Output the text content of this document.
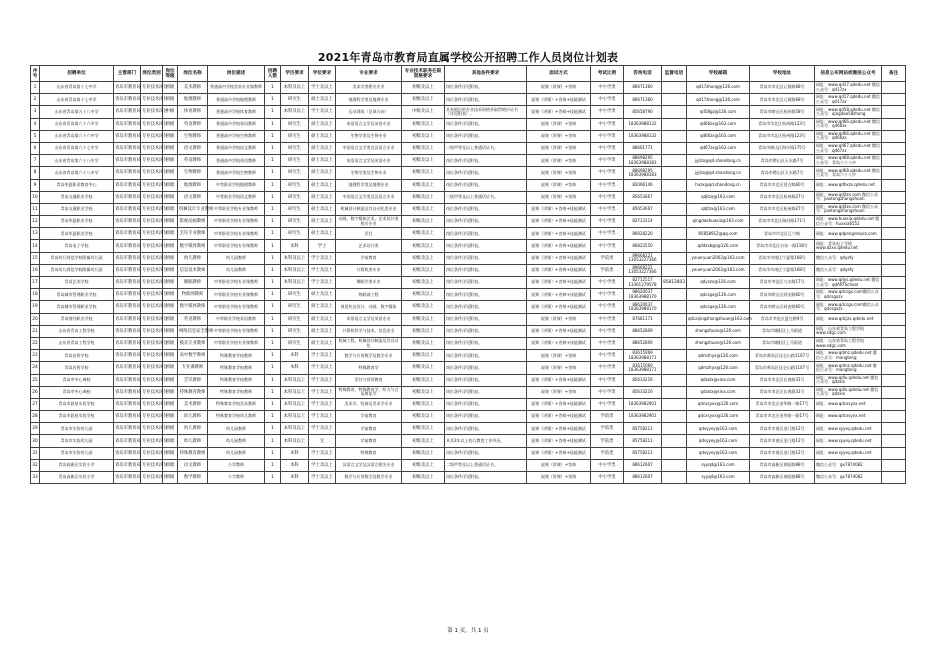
2021年青岛市教育局直属学校公开招聘工作人员岗位计划表
序号	招聘单位	主管部门	岗位类别	岗位等级	岗位名称	岗位描述	招聘人数	学历要求	学位要求	专业要求	专业技术职务任职资格要求	其他条件要求	面试方式	考试比例	咨询电话	监督电话	学校邮箱	学校地址	信息公布网站或微信公众号	备注
1	山东省青岛第十七中学	青岛市教育局	专业技术岗位	初级	美术教师	普通高中学校美术专业课教师	1	本科及以上	学士及以上	美术学类相关专业	初级及以上	岗位条件详见附表。	说课（讲课）+答辩	中小学类	86671360		qd17zhong@126.com	青岛市市北区辽源路68号	网址：www.qd17.qdedu.net 微信公众号：qd17zx	
2	山东省青岛第十七中学	青岛市教育局	专业技术岗位	初级	地理教师	普通高中学校地理教师	1	研究生	硕士及以上	地理科学类及地理专业	初级及以上	岗位条件详见附表。	说课（讲课）+答辩+技能测试	中小学类	86671360		qd17zhong@126.com	青岛市市北区辽源路68号	网址：www.qd17.qdedu.net 微信公众号：qd17zx	
3	山东省青岛第五十八中学	青岛市教育局	专业技术岗位	中级	体育教师	普通高中学校体育教师	1	本科及以上	学士及以上	运动训练（足球方向）	中级及以上	具有相应的专业技术资格并取得相应证书（详见附表）。	说课（讲课）+答辩+技能测试	中小学类	85658790		qd58gz@126.com	青岛市崂山区松岭路58号	网址：www.qd58.qdedu.net 微信公众号：qingdao58zhong	
4	山东省青岛第六十六中学	青岛市教育局	专业技术岗位	初级	英语教师	普通高中学校英语教师	1	研究生	硕士及以上	英语语言文学及英语专业	初级及以上	岗位条件详见附表。	说课（讲课）+答辩	中小学类	18363988132		qd66zx@163.com	青岛市市北区杭州路123号	网址：www.qd66.qdedu.net 微信公众号：qd66zx	
5	山东省青岛第六十六中学	青岛市教育局	专业技术岗位	初级	生物教师	普通高中学校生物教师	1	研究生	硕士及以上	生物学类及生物专业	初级及以上	岗位条件详见附表。	说课（讲课）+答辩	中小学类	18363988132		qd66zx@163.com	青岛市市北区杭州路123号	网址：www.qd66.qdedu.net 微信公众号：qd66zx	
6	山东省青岛第六十七中学	青岛市教育局	专业技术岗位	初级	语文教师	普通高中学校语文教师	1	研究生	硕士及以上	中国语言文学类及汉语言专业	初级及以上	二级甲等及以上普通话证书。	说课（讲课）+答辩	中小学类	88661771		qd67zx@163.com	青岛市崂山区海尔路175号	网址：www.qd67.qdedu.net 微信公众号：qd67zx	
7	山东省青岛第六十八中学	青岛市教育局	专业技术岗位	初级	英语教师	普通高中学校英语教师	1	研究生	硕士及以上	英语语言文学及英语专业	初级及以上	岗位条件详见附表。	说课（讲课）+答辩	中小学类	88698295 18363988183		jyjlzx@qd.shandong.cn	青岛市崂山区天水路7号	网址：www.qd68.qdedu.net 微信公众号：青岛六十八中	
8	山东省青岛第六十八中学	青岛市教育局	专业技术岗位	初级	生物教师	普通高中学校生物教师	1	研究生	硕士及以上	生物学类及生物专业	初级及以上	岗位条件详见附表。	说课（讲课）+答辩	中小学类	88698295 18363988183		jyjlzx@qd.shandong.cn	青岛市崂山区天水路7号	网址：www.qd68.qdedu.net 微信公众号：青岛六十八中	
9	青岛华夏职业教育中心	青岛市教育局	专业技术岗位	初级	地理教师	中等职业学校地理教师	1	研究生	硕士及以上	地理科学类及地理专业	初级及以上	岗位条件详见附表。	说课（讲课）+答辩	中小学类	82066146		hxzx@qd.shandong.cn	青岛市市北区延吉路60号	网址：www.qdhxzx.qdedu.net	
10	青岛交通职业学校	青岛市教育局	专业技术岗位	初级	语文教师	中等职业学校语文教师	1	研究生	硕士及以上	中国语言文学类及汉语言专业	初级及以上	二级甲等及以上普通话证书。	说课（讲课）+答辩	中小学类	85653667		qdjtzx@163.com	青岛市市北区杭州路27号	网址：www.qdjtzx.com 微信公众号：jiaotongzhongzhuan	
11	青岛交通职业学校	青岛市教育局	专业技术岗位	初级	机械设计专业教师	中等职业学校专业课教师	1	研究生	硕士及以上	机械设计制造及其自动化类专业	初级及以上	岗位条件详见附表。	说课（讲课）+答辩+技能测试	中小学类	85653667		qdjtzx@163.com	青岛市市北区杭州路27号	网址：www.qdjtzx.com 微信公众号：jiaotongzhongzhuan	
12	青岛华夏职业学校	青岛市教育局	专业技术岗位	初级	影视动画教师	中等职业学校专业课教师	1	研究生	硕士及以上	动画、数字媒体艺术、艺术设计类相关专业	初级及以上	岗位条件详见附表。	说课（讲课）+答辩+技能测试	中小学类	82713114		qingdaohuaxia@163.com	青岛市市北区瑞昌路171号	网址：www.huaxia.qdedu.net 微信公众号：huaxia6552	
13	青岛华夏职业学校	青岛市教育局	专业技术岗位	初级	烹饪专业教师	中等职业学校专业课教师	1	研究生	硕士及以上	烹饪	初级及以上	岗位条件详见附表。	说课（讲课）+答辩+技能测试	中小学类	86028220		85858912@qq.com	青岛市市北区辽宁路	网址：www.qdpengrenpro.com	
14	青岛电子学校	青岛市教育局	专业技术岗位	初级	数字媒体教师	中等职业学校专业课教师	1	本科	学士	艺术设计类	初级及以上	岗位条件详见附表。	说课（讲课）+答辩+技能测试	中小学类	86823550		qddzxbgs@126.com	青岛市市北区台东一路118号	网址：青岛电子学校 www.dzxx.qdedu.net	
15	青岛幼儿师范学校附属幼儿园	青岛市教育局	专业技术岗位	初级	幼儿教师	幼儿园教师	1	本科及以上	学士及以上	学前教育	初级及以上	岗位条件详见附表。	说课（讲课）+答辩+技能测试	学前类	89668221 13053227366		youeryuan2002@163.com	青岛市市南区宁夏路168号	微信公众号：qdyefy	
16	青岛幼儿师范学校附属幼儿园	青岛市教育局	专业技术岗位	初级	信息技术教师	幼儿园教师	1	本科及以上	学士及以上	计算机类专业	初级及以上	岗位条件详见附表。	说课（讲课）+答辩+技能测试	学前类	89668221 13053227366		youeryuan2002@163.com	青岛市市南区宁夏路168号	微信公众号：qdyefy	
17	青岛艺术学校	青岛市教育局	专业技术岗位	初级	舞蹈教师	中等职业学校专业课教师	1	本科及以上	学士及以上	舞蹈学类专业	初级及以上	岗位条件详见附表。	说课（讲课）+答辩+技能测试	中小学类	82712517 13361279578	85812803	qdyszx@126.com	青岛市李沧区九水路17号	网址：www.qdys.qdedu.net 微信公众号：qdARTSchool	
18	青岛城市管理职业学校	青岛市教育局	专业技术岗位	初级	物联网教师	中等职业学校专业课教师	1	研究生	硕士及以上	物联网工程	初级及以上	岗位条件详见附表。	说课（讲课）+答辩+技能测试	中小学类	88620037 18363988170		qdcsgx@126.com	青岛市崂山区同安路60号	网址：www.qdcsgx.com微信公众号：qdcsgxzx	
19	青岛城市管理职业学校	青岛市教育局	专业技术岗位	初级	数字媒体教师	中等职业学校专业课教师	1	研究生	硕士及以上	视觉传达设计、动画、数字媒体	初级及以上	岗位条件详见附表。	说课（讲课）+答辩+技能测试	中小学类	88620037 18363988170		qdcsgx@126.com	青岛市崂山区同安路60号	网址：www.qdcsgx.com微信公众号：qdcsgxzx	
20	青岛财经职业学校	青岛市教育局	专业技术岗位	初级	英语教师	中等职业学校英语教师	1	研究生	硕士及以上	英语语言文学及英语专业	初级及以上	岗位条件详见附表。	说课（讲课）+答辩	中小学类	87681171		qdcaijingzhongzhuan@163.com	青岛市李沧区夏庄路9号	网址：www.qdcjzx.qdedu.net	
21	山东省青岛工程学校	青岛市教育局	专业技术岗位	初级	网络信息安全教师	中等职业学校专业课教师	1	研究生	硕士及以上	计算机科学与技术、信息安全	初级及以上	岗位条件详见附表。	说课（讲课）+答辩+技能测试	中小学类	88652809		zhongzhuan@126.com	青岛市城阳区上马街道	网址：山东省青岛工程学校 www.sdgc.com	
22	山东省青岛工程学校	青岛市教育局	专业技术岗位	初级	模具专业教师	中等职业学校专业课教师	1	研究生	硕士及以上	机械工程、机械设计制造及其自动化	初级及以上	岗位条件详见附表。	说课（讲课）+答辩+技能测试	中小学类	88652809		zhongzhuan@126.com	青岛市城阳区上马街道	网址：山东省青岛工程学校 www.sdgc.com	
23	青岛启智学校	青岛市教育局	专业技术岗位	初级	高中数学教师	特殊教育学校教师	1	本科	学士及以上	数学与应用数学及数学专业	初级及以上	岗位条件详见附表。	说课（讲课）+答辩	中小学类	83615069 18363988171		qdmzhyx@126.com	青岛市黄岛区昆仑山路1107号	网址：www.qdmz.qdedu.net 微信公众号：mangtong	
24	青岛启智学校	青岛市教育局	专业技术岗位	初级	专业课教师	特殊教育学校教师	1	本科	学士及以上	特殊教育学	初级及以上	岗位条件详见附表。	说课（讲课）+答辩	中小学类	83615069 18363988171		qdmzhyx@126.com	青岛市黄岛区昆仑山路1107号	网址：www.qdmz.qdedu.net 微信公众号：mangtong	
25	青岛市中心聋校	青岛市教育局	专业技术岗位	初级	烹饪教师	特殊教育学校教师	1	本科及以上	学士及以上	烹饪与营养教育	初级及以上	岗位条件详见附表。	说课（讲课）+答辩+技能测试	中小学类	85633216		qdzxlx@sina.com	青岛市市北区长春路31号	网址：www.qdlx.qdedu.net 微信公众号：qdzxlx	
26	青岛市中心聋校	青岛市教育局	专业技术岗位	初级	特殊教育教师	特殊教育学校教师	1	本科及以上	学士及以上	特殊教育、特殊教育学、听力与言语康复学	初级及以上	岗位条件详见附表。	说课（讲课）+答辩	中小学类	85633216		qdzxlx@sina.com	青岛市市北区长春路31号	网址：www.qdlx.qdedu.net 微信公众号：qdzxlx	
27	青岛市晨星实验学校	青岛市教育局	专业技术岗位	初级	美术教师	特殊教育学校美术教师	1	本科及以上	学士及以上	美术学、绘画及美术学专业	初级及以上	岗位条件详见附表。	说课（讲课）+答辩+技能测试	中小学类	18363982901		qdcxsyxx@126.com	青岛市市北区金华路一路17号	网址：www.qdcxsyxx.net	
28	青岛市晨星实验学校	青岛市教育局	专业技术岗位	初级	幼儿教师	特殊教育学校幼儿教师	1	本科及以上	学士及以上	学前教育	初级及以上	岗位条件详见附表。	说课（讲课）+答辩+技能测试	学前类	18363982901		qdcxsyxx@126.com	青岛市市北区金华路一路17号	网址：www.qdcxsyxx.net	
29	青岛市实验幼儿园	青岛市教育局	专业技术岗位	初级	幼儿教师	幼儿园教师	1	本科及以上	学士及以上	学前教育	初级及以上	岗位条件详见附表。	说课（讲课）+答辩+技能测试	学前类	85758211		qdsyyey@163.com	青岛市市南区金门路12号	网址：www.syyey.qdedu.net	
30	青岛市实验幼儿园	青岛市教育局	专业技术岗位	初级	幼儿教师	幼儿园教师	1	本科及以上	无	学前教育	初级及以上	具有2年以上幼儿教育工作经历。	说课（讲课）+答辩+技能测试	学前类	85758211		qdsyyey@163.com	青岛市市南区金门路12号	网址：www.syyey.qdedu.net	
31	青岛市实验幼儿园	青岛市教育局	专业技术岗位	初级	特殊教育教师	幼儿园教师	1	本科	学士及以上	特殊教育	初级及以上	岗位条件详见附表。	说课（讲课）+答辩+技能测试	学前类	85758211		qdsyyey@163.com	青岛市市南区金门路12号	网址：www.syyey.qdedu.net	
32	青岛高新区实验小学	青岛市教育局	专业技术岗位	初级	语文教师	小学教师	1	本科	学士及以上	汉语言文学及汉语言相关专业	初级及以上	二级甲等及以上普通话证书。	说课（讲课）+答辩	中小学类	88612607		syyqd@163.com	青岛市高新区春阳路88号	微信公众号：gx7874082	
33	青岛高新区实验小学	青岛市教育局	专业技术岗位	初级	数学教师	小学教师	1	本科	学士及以上	数学与应用数学及数学专业	初级及以上	岗位条件详见附表。	说课（讲课）+答辩	中小学类	88612607		syyqd@163.com	青岛市高新区春阳路88号	微信公众号：gx7874082	
第 1 页，共 1 页
